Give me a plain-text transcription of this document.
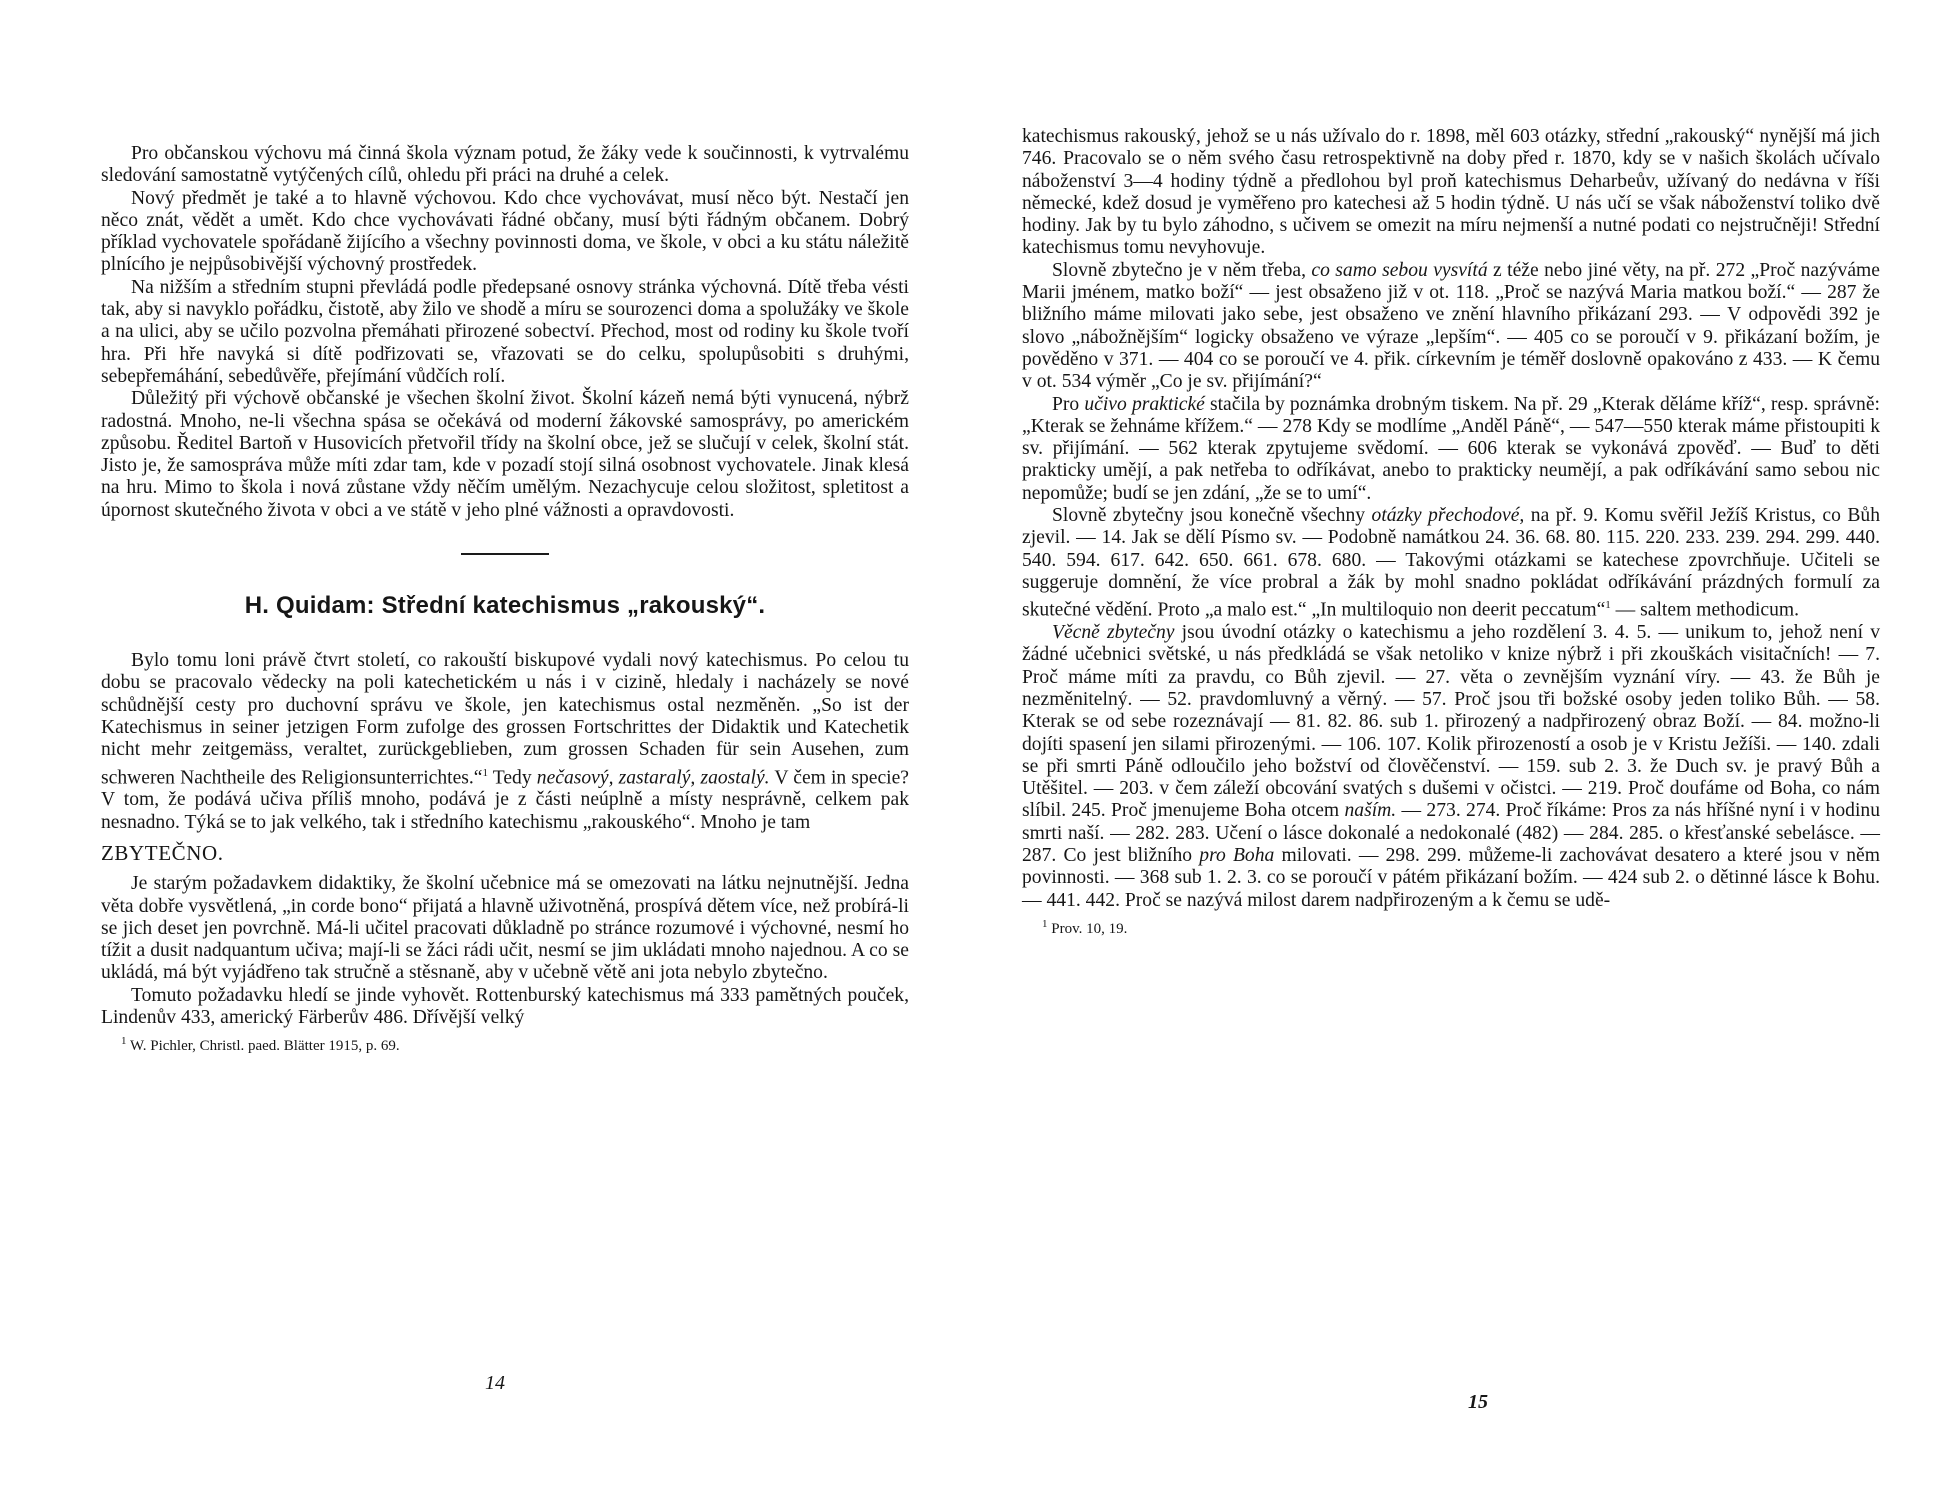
Pro občanskou výchovu má činná škola význam potud, že žáky vede k součinnosti, k vytrvalému sledování samostatně vytýčených cílů, ohledu při práci na druhé a celek.

Nový předmět je také a to hlavně výchovou. Kdo chce vychovávat, musí něco být. Nestačí jen něco znát, vědět a umět. Kdo chce vychovávati řádné občany, musí býti řádným občanem. Dobrý příklad vychovatele spořádaně žijícího a všechny povinnosti doma, ve škole, v obci a ku státu náležitě plnícího je nejpůsobivější výchovný prostředek.

Na nižším a středním stupni převládá podle předepsané osnovy stránka výchovná. Dítě třeba vésti tak, aby si navyklo pořádku, čistotě, aby žilo ve shodě a míru se sourozenci doma a spolužáky ve škole a na ulici, aby se učilo pozvolna přemáhati přirozené sobectví. Přechod, most od rodiny ku škole tvoří hra. Při hře navyká si dítě podřizovati se, vřazovati se do celku, spolupůsobiti s druhými, sebepřemáhání, sebedůvěře, přejímání vůdčích rolí.

Důležitý při výchově občanské je všechen školní život. Školní kázeň nemá býti vynucená, nýbrž radostná. Mnoho, ne-li všechna spása se očekává od moderní žákovské samosprávy, po americkém způsobu. Ředitel Bartoň v Husovicích přetvořil třídy na školní obce, jež se slučují v celek, školní stát. Jisto je, že samospráva může míti zdar tam, kde v pozadí stojí silná osobnost vychovatele. Jinak klesá na hru. Mimo to škola i nová zůstane vždy něčím umělým. Nezachycuje celou složitost, spletitost a úpornost skutečného života v obci a ve státě v jeho plné vážnosti a opravdovosti.

H. Quidam: Střední katechismus „rakouský“.

Bylo tomu loni právě čtvrt století, co rakouští biskupové vydali nový katechismus. Po celou tu dobu se pracovalo vědecky na poli katechetickém u nás i v cizině, hledaly i nacházely se nové schůdnější cesty pro duchovní správu ve škole, jen katechismus ostal nezměněn. „So ist der Katechismus in seiner jetzigen Form zufolge des grossen Fortschrittes der Didaktik und Katechetik nicht mehr zeitgemäss, veraltet, zurückgeblieben, zum grossen Schaden für sein Ausehen, zum schweren Nachtheile des Religionsunterrichtes.“$^1$ Tedy nečasový, zastaralý, zaostalý. V čem in specie? V tom, že podává učiva příliš mnoho, podává je z části neúplně a místy nesprávně, celkem pak nesnadno. Týká se to jak velkého, tak i středního katechismu „rakouského“. Mnoho je tam

ZBYTEČNO.

Je starým požadavkem didaktiky, že školní učebnice má se omezovati na látku nejnutnější. Jedna věta dobře vysvětlená, „in corde bono“ přijatá a hlavně uživotněná, prospívá dětem více, než probírá-li se jich deset jen povrchně. Má-li učitel pracovati důkladně po stránce rozumové i výchovné, nesmí ho tížit a dusit nadquantum učiva; mají-li se žáci rádi učit, nesmí se jim ukládati mnoho najednou. A co se ukládá, má být vyjádřeno tak stručně a stěsnaně, aby v učebně větě ani jota nebylo zbytečno.

Tomuto požadavku hledí se jinde vyhovět. Rottenburský katechismus má 333 pamětných pouček, Lindenův 433, americký Färberův 486. Dřívější velký

$^1$ W. Pichler, Christl. paed. Blätter 1915, p. 69.

14

katechismus rakouský, jehož se u nás užívalo do r. 1898, měl 603 otázky, střední „rakouský“ nynější má jich 746. Pracovalo se o něm svého času retrospektivně na doby před r. 1870, kdy se v našich školách učívalo náboženství 3—4 hodiny týdně a předlohou byl proň katechismus Deharbeův, užívaný do nedávna v říši německé, kdež dosud je vyměřeno pro katechesi až 5 hodin týdně. U nás učí se však náboženství toliko dvě hodiny. Jak by tu bylo záhodno, s učivem se omezit na míru nejmenší a nutné podati co nejstručněji! Střední katechismus tomu nevyhovuje.

Slovně zbytečno je v něm třeba, co samo sebou vysvítá z téže nebo jiné věty, na př. 272 „Proč nazýváme Marii jménem, matko boží“ — jest obsaženo již v ot. 118. „Proč se nazývá Maria matkou boží.“ — 287 že bližního máme milovati jako sebe, jest obsaženo ve znění hlavního přikázaní 293. — V odpovědi 392 je slovo „nábožnějším“ logicky obsaženo ve výraze „lepším“. — 405 co se poroučí v 9. přikázaní božím, je pověděno v 371. — 404 co se poroučí ve 4. přik. církevním je téměř doslovně opakováno z 433. — K čemu v ot. 534 výměr „Co je sv. přijímání?“

Pro učivo praktické stačila by poznámka drobným tiskem. Na př. 29 „Kterak děláme kříž“, resp. správně: „Kterak se žehnáme křížem.“ — 278 Kdy se modlíme „Anděl Páně“, — 547—550 kterak máme přistoupiti k sv. přijímání. — 562 kterak zpytujeme svědomí. — 606 kterak se vykonává zpověď. — Buď to děti prakticky umějí, a pak netřeba to odříkávat, anebo to prakticky neumějí, a pak odříkávání samo sebou nic nepomůže; budí se jen zdání, „že se to umí“.

Slovně zbytečny jsou konečně všechny otázky přechodové, na př. 9. Komu svěřil Ježíš Kristus, co Bůh zjevil. — 14. Jak se dělí Písmo sv. — Podobně namátkou 24. 36. 68. 80. 115. 220. 233. 239. 294. 299. 440. 540. 594. 617. 642. 650. 661. 678. 680. — Takovými otázkami se katechese zpovrchňuje. Učiteli se suggeruje domnění, že více probral a žák by mohl snadno pokládat odříkávání prázdných formulí za skutečné vědění. Proto „a malo est.“ „In multiloquio non deerit peccatum“$^1$ — saltem methodicum.

Věcně zbytečny jsou úvodní otázky o katechismu a jeho rozdělení 3. 4. 5. — unikum to, jehož není v žádné učebnici světské, u nás předkládá se však netoliko v knize nýbrž i při zkouškách visitačních! — 7. Proč máme míti za pravdu, co Bůh zjevil. — 27. věta o zevnějším vyznání víry. — 43. že Bůh je nezměnitelný. — 52. pravdomluvný a věrný. — 57. Proč jsou tři božské osoby jeden toliko Bůh. — 58. Kterak se od sebe rozeznávají — 81. 82. 86. sub 1. přirozený a nadpřirozený obraz Boží. — 84. možno-li dojíti spasení jen silami přirozenými. — 106. 107. Kolik přirozeností a osob je v Kristu Ježíši. — 140. zdali se při smrti Páně odloučilo jeho božství od člověčenství. — 159. sub 2. 3. že Duch sv. je pravý Bůh a Utěšitel. — 203. v čem záleží obcování svatých s dušemi v očistci. — 219. Proč doufáme od Boha, co nám slíbil. 245. Proč jmenujeme Boha otcem naším. — 273. 274. Proč říkáme: Pros za nás hříšné nyní i v hodinu smrti naší. — 282. 283. Učení o lásce dokonalé a nedokonalé (482) — 284. 285. o křesťanské sebelásce. — 287. Co jest bližního pro Boha milovati. — 298. 299. můžeme-li zachovávat desatero a které jsou v něm povinnosti. — 368 sub 1. 2. 3. co se poroučí v pátém přikázaní božím. — 424 sub 2. o dětinné lásce k Bohu. — 441. 442. Proč se nazývá milost darem nadpřirozeným a k čemu se udě-

$^1$ Prov. 10, 19.

15
